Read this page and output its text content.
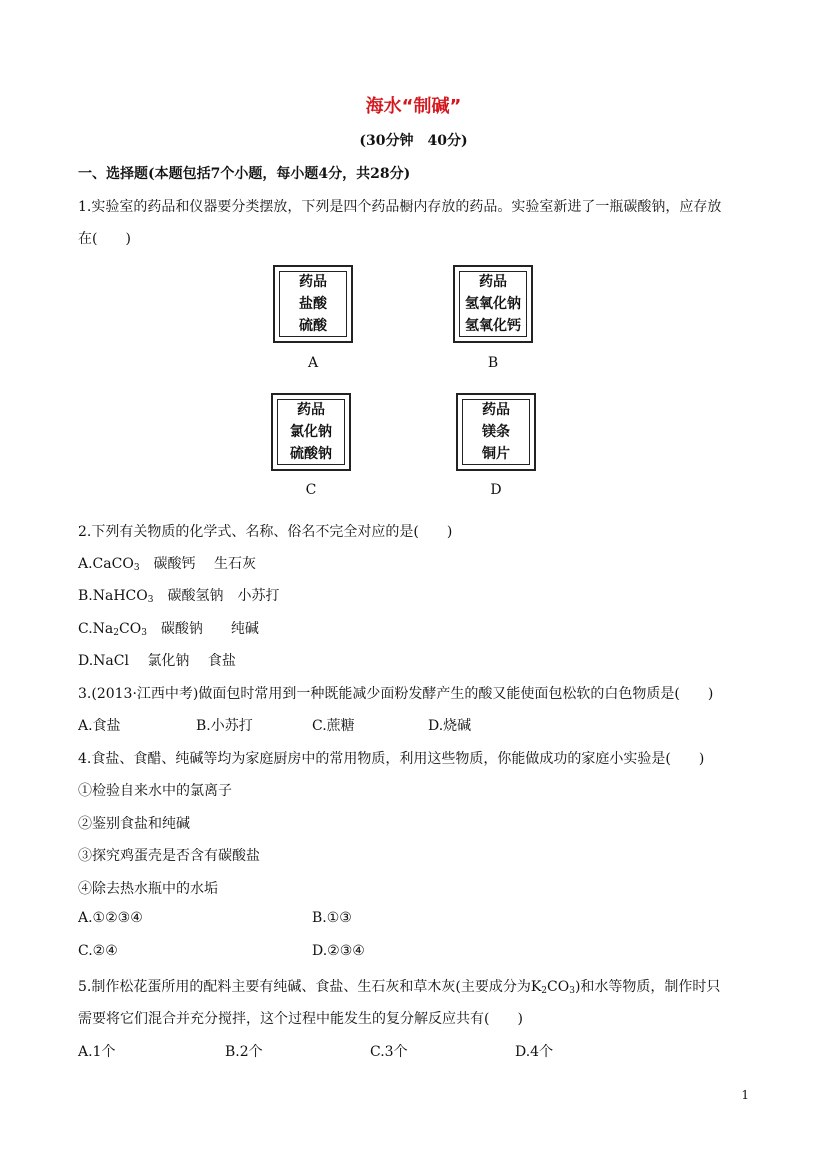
海水“制碱”
(30分钟　40分)
一、选择题(本题包括7个小题，每小题4分，共28分)
1.实验室的药品和仪器要分类摆放，下列是四个药品橱内存放的药品。实验室新进了一瓶碳酸钠，应存放
在(　　)
药品
盐酸
硫酸
A
药品
氢氧化钠
氢氧化钙
B
药品
氯化钠
硫酸钠
C
药品
镁条
铜片
D
2.下列有关物质的化学式、名称、俗名不完全对应的是(　　)
A.CaCO$_3$　碳酸钙　 生石灰
B.NaHCO$_3$　碳酸氢钠　小苏打
$C.Na_2CO_3$　碳酸钠　　纯碱
D.NaCl　 氯化钠　 食盐
3.(2013·江西中考)做面包时常用到一种既能减少面粉发酵产生的酸又能使面包松软的白色物质是(　　)
A.食盐	B.小苏打	C.蔗糖	D.烧碱
4.食盐、食醋、纯碱等均为家庭厨房中的常用物质，利用这些物质，你能做成功的家庭小实验是(　　)
①检验自来水中的氯离子
②鉴别食盐和纯碱
③探究鸡蛋壳是否含有碳酸盐
④除去热水瓶中的水垢
A.①②③④	B.①③
C.②④	D.②③④
5.制作松花蛋所用的配料主要有纯碱、食盐、生石灰和草木灰(主要成分为$K_2CO_3$)和水等物质，制作时只
需要将它们混合并充分搅拌，这个过程中能发生的复分解反应共有(　　)
A.1个	B.2个	C.3个	D.4个
1
